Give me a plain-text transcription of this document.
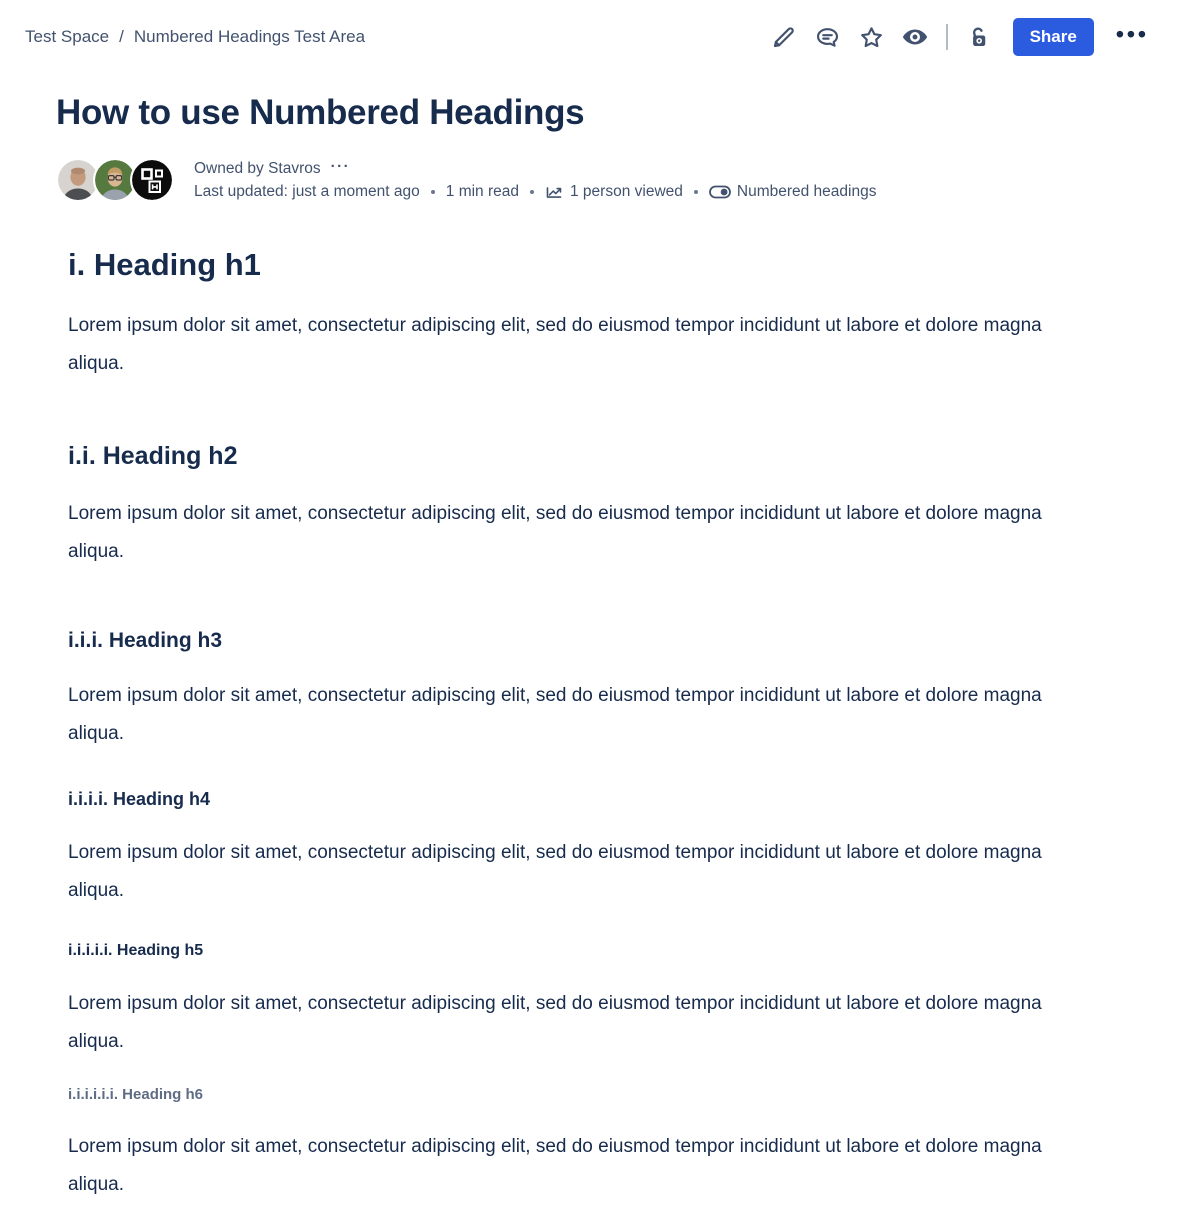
Test Space / Numbered Headings Test Area	Share	•••
How to use Numbered Headings
Owned by Stavros ···
Last updated: just a moment ago 1 min read	1 person viewed	Numbered headings
i. Heading h1

Lorem ipsum dolor sit amet, consectetur adipiscing elit, sed do eiusmod tempor incididunt ut labore et dolore magna aliqua.

i.i. Heading h2

Lorem ipsum dolor sit amet, consectetur adipiscing elit, sed do eiusmod tempor incididunt ut labore et dolore magna aliqua.

i.i.i. Heading h3

Lorem ipsum dolor sit amet, consectetur adipiscing elit, sed do eiusmod tempor incididunt ut labore et dolore magna aliqua.

i.i.i.i. Heading h4

Lorem ipsum dolor sit amet, consectetur adipiscing elit, sed do eiusmod tempor incididunt ut labore et dolore magna aliqua.

i.i.i.i.i. Heading h5

Lorem ipsum dolor sit amet, consectetur adipiscing elit, sed do eiusmod tempor incididunt ut labore et dolore magna aliqua.

i.i.i.i.i.i. Heading h6

Lorem ipsum dolor sit amet, consectetur adipiscing elit, sed do eiusmod tempor incididunt ut labore et dolore magna aliqua.
